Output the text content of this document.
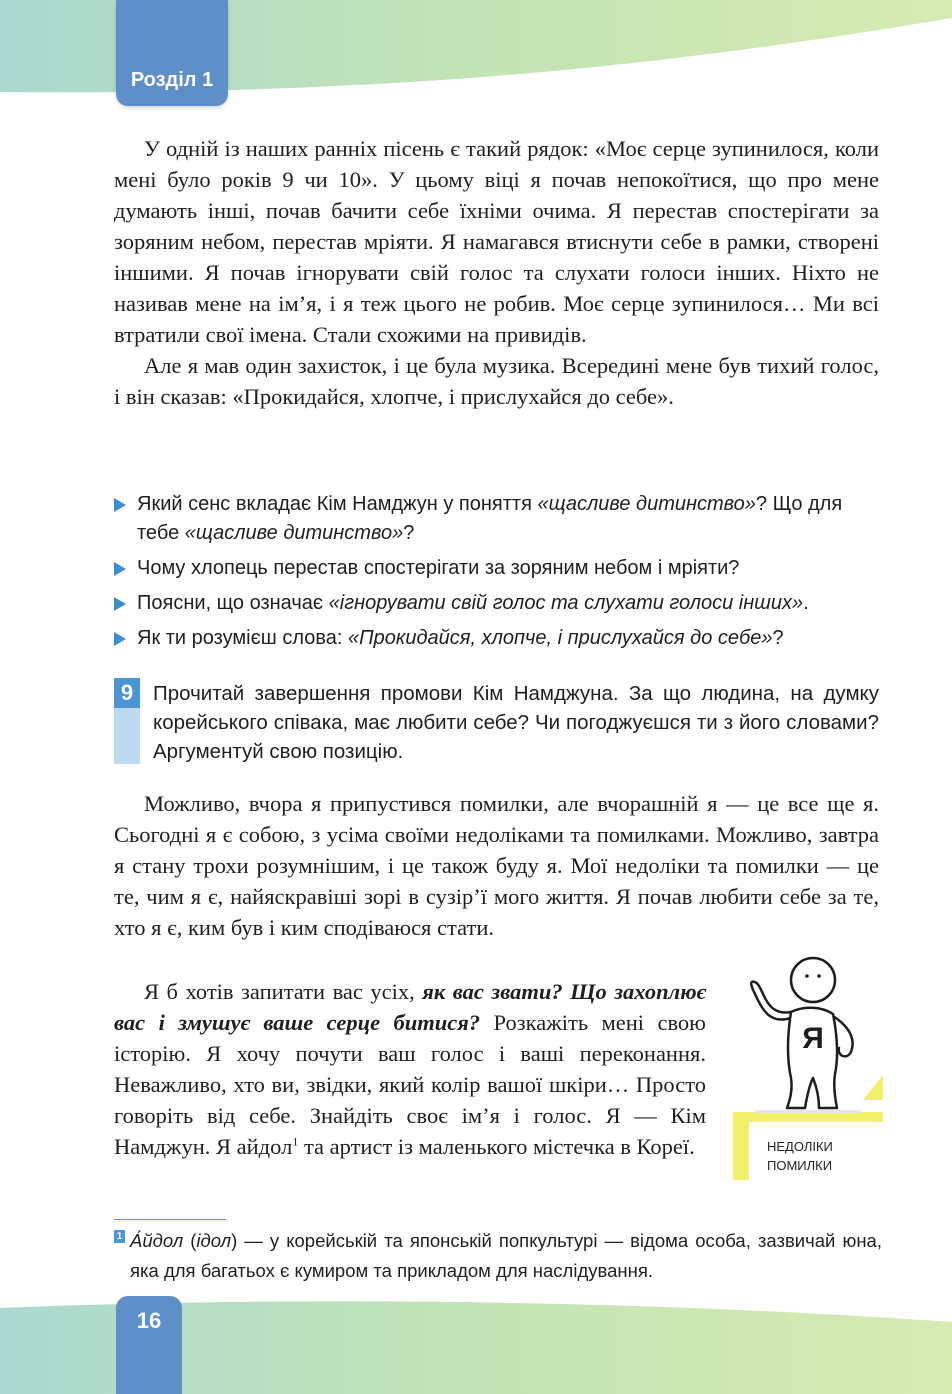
Розділ 1

У одній із наших ранніх пісень є такий рядок: «Моє серце зупинилося, коли мені було років 9 чи 10». У цьому віці я почав непокоїтися, що про мене думають інші, почав бачити себе їхніми очима. Я перестав спостерігати за зоряним небом, перестав мріяти. Я намагався втиснути себе в рамки, створені іншими. Я почав ігнорувати свій голос та слухати голоси інших. Ніхто не називав мене на ім’я, і я теж цього не робив. Моє серце зупинилося… Ми всі втратили свої імена. Стали схожими на привидів.

Але я мав один захисток, і це була музика. Всередині мене був тихий голос, і він сказав: «Прокидайся, хлопче, і прислухайся до себе».

Який сенс вкладає Кім Намджун у поняття «щасливе дитинство»? Що для тебе «щасливе дитинство»?
Чому хлопець перестав спостерігати за зоряним небом і мріяти?
Поясни, що означає «ігнорувати свій голос та слухати голоси інших».
Як ти розумієш слова: «Прокидайся, хлопче, і прислухайся до себе»?
9 Прочитай завершення промови Кім Намджуна. За що людина, на думку корейського співака, має любити себе? Чи погоджуєшся ти з його словами? Аргументуй свою позицію.

Можливо, вчора я припустився помилки, але вчорашній я — це все ще я. Сьогодні я є собою, з усіма своїми недоліками та помилками. Можливо, завтра я стану трохи розумнішим, і це також буду я. Мої недоліки та помилки — це те, чим я є, найяскравіші зорі в сузір’ї мого життя. Я почав любити себе за те, хто я є, ким був і ким сподіваюся стати.

Я б хотів запитати вас усіх, як вас звати? Що захоплює вас і змушує ваше серце битися? Розкажіть мені свою історію. Я хочу почути ваш голос і ваші переконання. Неважливо, хто ви, звідки, який колір вашої шкіри… Просто говоріть від себе. Знайдіть своє ім’я і голос. Я — Кім Намджун. Я айдол$^1$ та артист із маленького містечка в Кореї.

Я
НЕДОЛІКИ
ПОМИЛКИ
1 А́йдол (ідол) — у корейській та японській попкультурі — відома особа, зазвичай юна, яка для багатьох є кумиром та прикладом для наслідування.
16
